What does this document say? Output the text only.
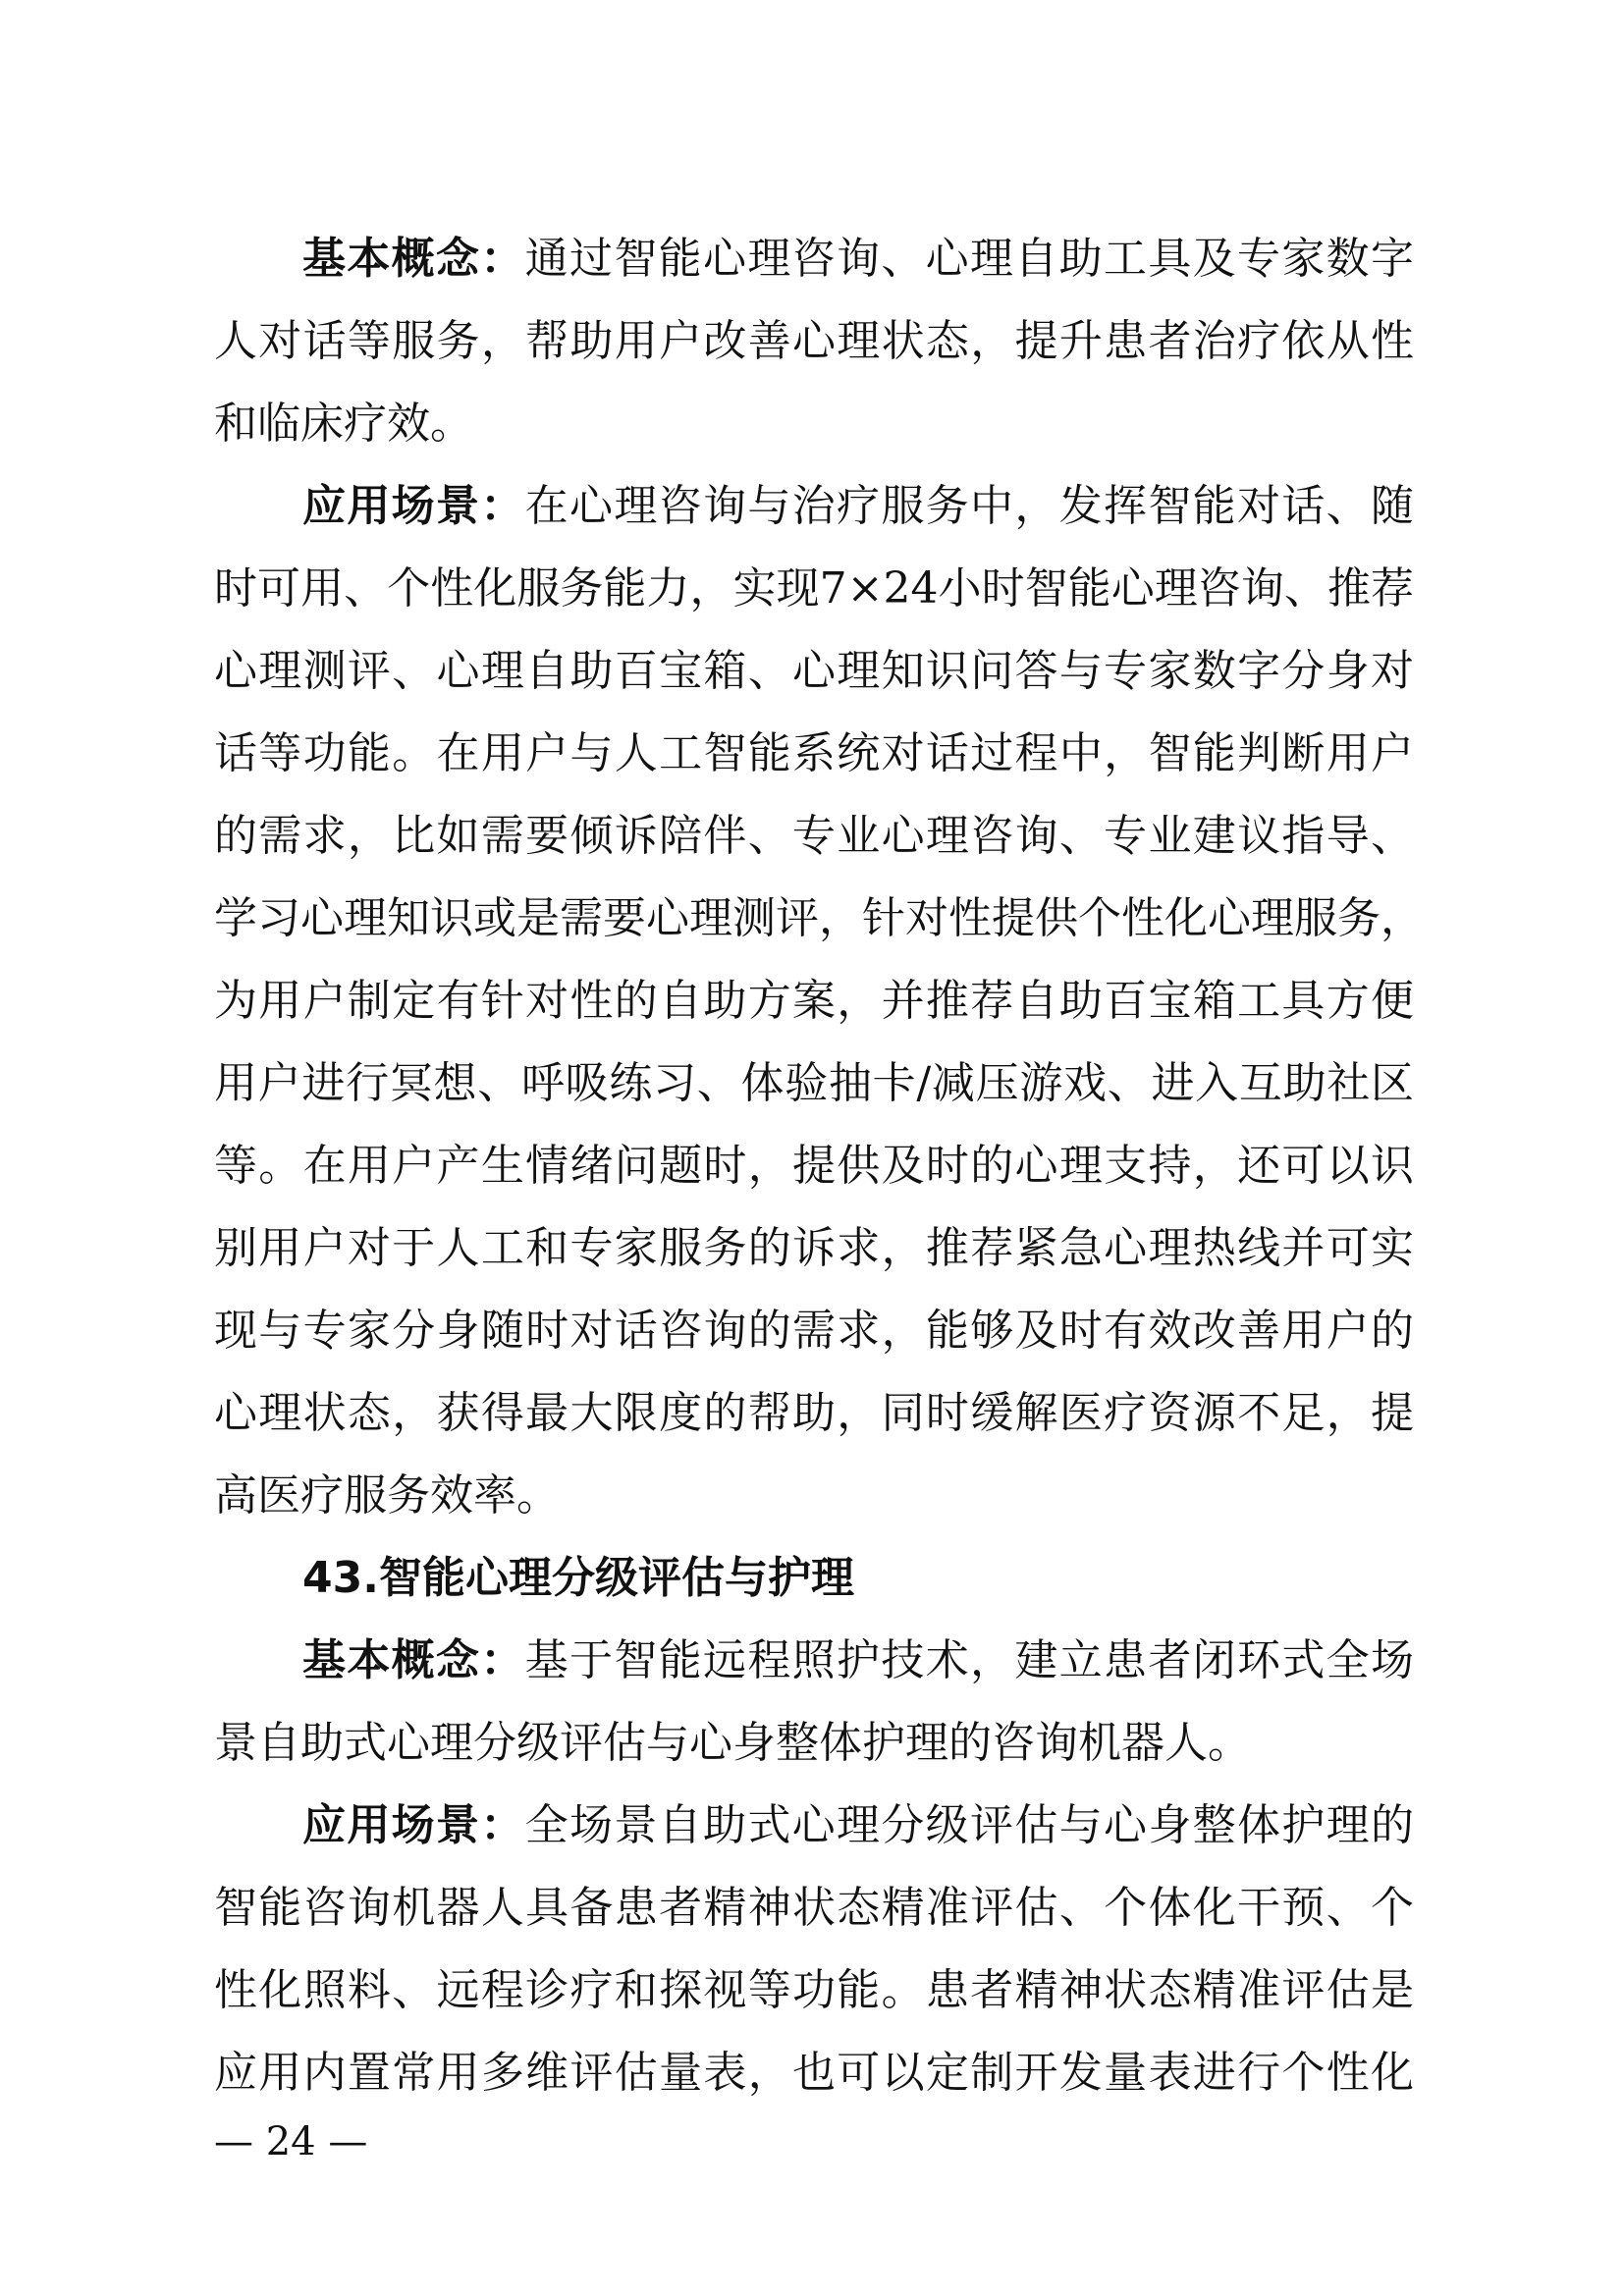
基本概念：通过智能心理咨询、心理自助工具及专家数字
人对话等服务，帮助用户改善心理状态，提升患者治疗依从性
和临床疗效。
应用场景：在心理咨询与治疗服务中，发挥智能对话、随
时可用、个性化服务能力，实现7×24小时智能心理咨询、推荐
心理测评、心理自助百宝箱、心理知识问答与专家数字分身对
话等功能。在用户与人工智能系统对话过程中，智能判断用户
的需求，比如需要倾诉陪伴、专业心理咨询、专业建议指导、
学习心理知识或是需要心理测评，针对性提供个性化心理服务，
为用户制定有针对性的自助方案，并推荐自助百宝箱工具方便
用户进行冥想、呼吸练习、体验抽卡/减压游戏、进入互助社区
等。在用户产生情绪问题时，提供及时的心理支持，还可以识
别用户对于人工和专家服务的诉求，推荐紧急心理热线并可实
现与专家分身随时对话咨询的需求，能够及时有效改善用户的
心理状态，获得最大限度的帮助，同时缓解医疗资源不足，提
高医疗服务效率。
43.智能心理分级评估与护理
基本概念：基于智能远程照护技术，建立患者闭环式全场
景自助式心理分级评估与心身整体护理的咨询机器人。
应用场景：全场景自助式心理分级评估与心身整体护理的
智能咨询机器人具备患者精神状态精准评估、个体化干预、个
性化照料、远程诊疗和探视等功能。患者精神状态精准评估是
应用内置常用多维评估量表，也可以定制开发量表进行个性化
— 24 —
